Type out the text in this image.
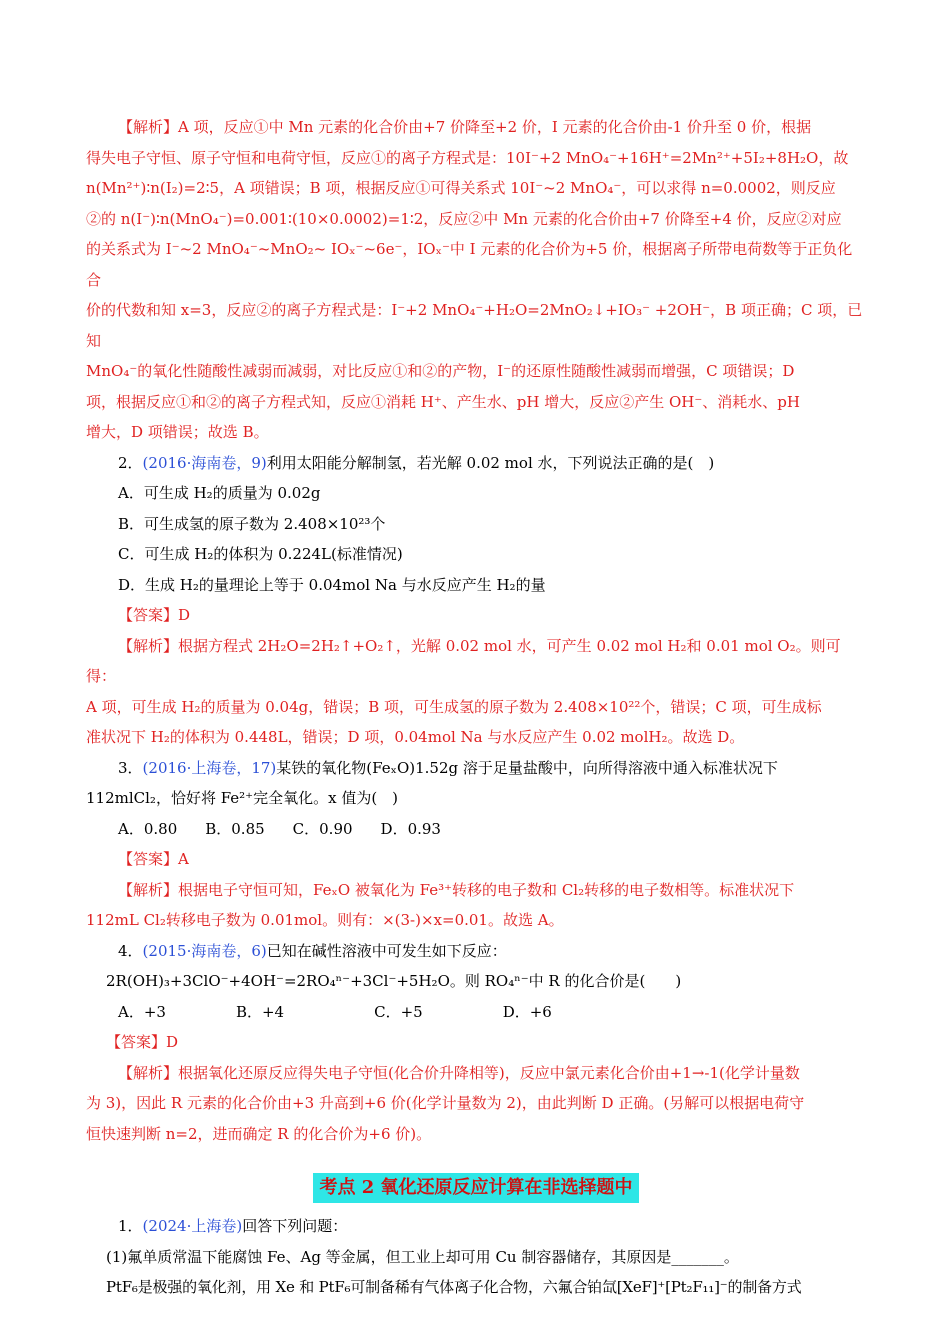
【解析】A 项，反应①中 Mn 元素的化合价由+7 价降至+2 价，I 元素的化合价由-1 价升至 0 价，根据

得失电子守恒、原子守恒和电荷守恒，反应①的离子方程式是：10I⁻+2 MnO₄⁻+16H⁺=2Mn²⁺+5I₂+8H₂O，故

n(Mn²⁺)∶n(I₂)=2∶5，A 项错误；B 项，根据反应①可得关系式 10I⁻~2 MnO₄⁻，可以求得 n=0.0002，则反应

②的 n(I⁻)∶n(MnO₄⁻)=0.001∶(10×0.0002)=1∶2，反应②中 Mn 元素的化合价由+7 价降至+4 价，反应②对应

的关系式为 I⁻~2 MnO₄⁻~MnO₂~ IOₓ⁻~6e⁻，IOₓ⁻中 I 元素的化合价为+5 价，根据离子所带电荷数等于正负化合

价的代数和知 x=3，反应②的离子方程式是：I⁻+2 MnO₄⁻+H₂O=2MnO₂↓+IO₃⁻ +2OH⁻，B 项正确；C 项，已知

MnO₄⁻的氧化性随酸性减弱而减弱，对比反应①和②的产物，I⁻的还原性随酸性减弱而增强，C 项错误；D

项，根据反应①和②的离子方程式知，反应①消耗 H⁺、产生水、pH 增大，反应②产生 OH⁻、消耗水、pH

增大，D 项错误；故选 B。

2．(2016·海南卷，9)利用太阳能分解制氢，若光解 0.02 mol 水，下列说法正确的是(　)

A．可生成 H₂的质量为 0.02g

B．可生成氢的原子数为 2.408×10²³个

C．可生成 H₂的体积为 0.224L(标准情况)

D．生成 H₂的量理论上等于 0.04mol Na 与水反应产生 H₂的量

【答案】D

【解析】根据方程式 2H₂O=2H₂↑+O₂↑，光解 0.02 mol 水，可产生 0.02 mol H₂和 0.01 mol O₂。则可得：

A 项，可生成 H₂的质量为 0.04g，错误；B 项，可生成氢的原子数为 2.408×10²²个，错误；C 项，可生成标

准状况下 H₂的体积为 0.448L，错误；D 项，0.04mol Na 与水反应产生 0.02 molH₂。故选 D。

3．(2016·上海卷，17)某铁的氧化物(FeₓO)1.52g 溶于足量盐酸中，向所得溶液中通入标准状况下

112mlCl₂，恰好将 Fe²⁺完全氧化。x 值为(　)

A．0.80 B．0.85 C．0.90 D．0.93

【答案】A

【解析】根据电子守恒可知，FeₓO 被氧化为 Fe³⁺转移的电子数和 Cl₂转移的电子数相等。标准状况下

112mL Cl₂转移电子数为 0.01mol。则有：×(3-)×x=0.01。故选 A。

4．(2015·海南卷，6)已知在碱性溶液中可发生如下反应：

2R(OH)₃+3ClO⁻+4OH⁻=2RO₄ⁿ⁻+3Cl⁻+5H₂O。则 RO₄ⁿ⁻中 R 的化合价是(　　)

A．+3	B．+4	C．+5	D．+6

【答案】D

【解析】根据氧化还原反应得失电子守恒(化合价升降相等)，反应中氯元素化合价由+1→-1(化学计量数

为 3)，因此 R 元素的化合价由+3 升高到+6 价(化学计量数为 2)，由此判断 D 正确。(另解可以根据电荷守

恒快速判断 n=2，进而确定 R 的化合价为+6 价)。

考点 2 氧化还原反应计算在非选择题中

1．(2024·上海卷)回答下列问题：

(1)氟单质常温下能腐蚀 Fe、Ag 等金属，但工业上却可用 Cu 制容器储存，其原因是_______。

PtF₆是极强的氧化剂，用 Xe 和 PtF₆可制备稀有气体离子化合物，六氟合铂氙[XeF]⁺[Pt₂F₁₁]⁻的制备方式
